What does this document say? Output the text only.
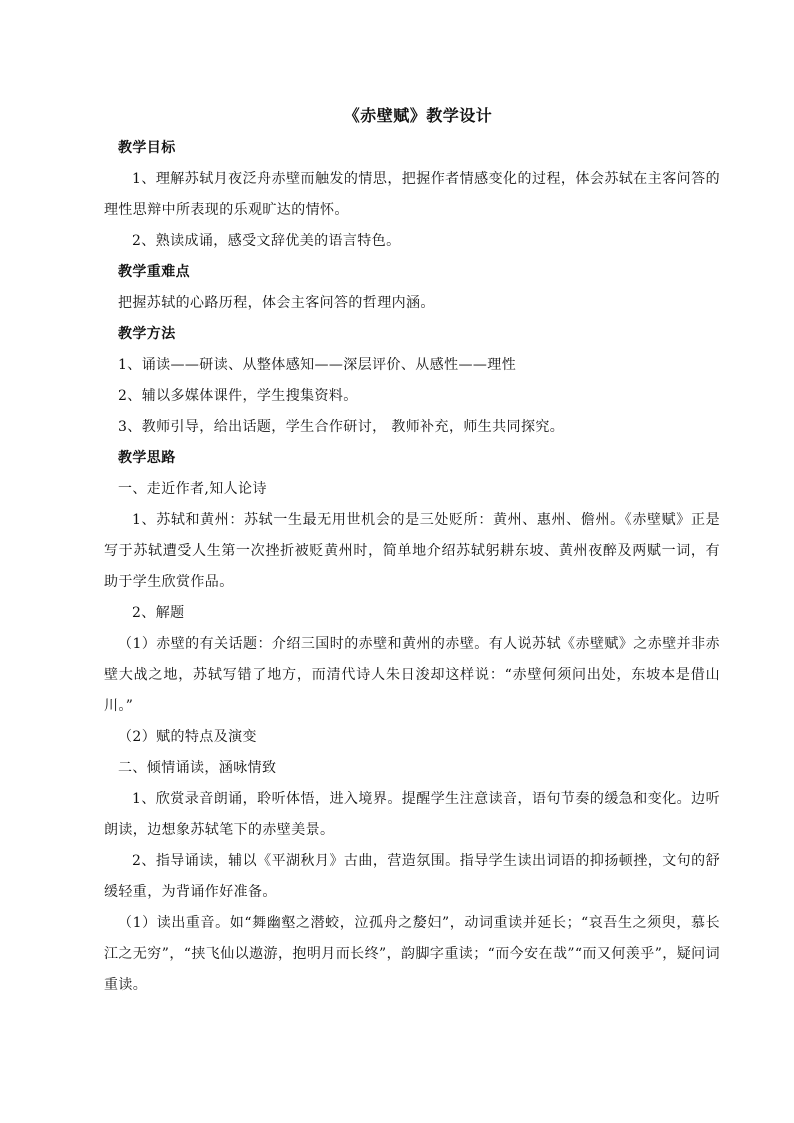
《赤壁赋》教学设计

教学目标

1、理解苏轼月夜泛舟赤壁而触发的情思，把握作者情感变化的过程，体会苏轼在主客问答的理性思辩中所表现的乐观旷达的情怀。

2、熟读成诵，感受文辞优美的语言特色。

教学重难点

把握苏轼的心路历程，体会主客问答的哲理内涵。

教学方法

1、诵读——研读、从整体感知——深层评价、从感性——理性

2、辅以多媒体课件，学生搜集资料。

3、教师引导，给出话题，学生合作研讨， 教师补充，师生共同探究。

教学思路

一、走近作者,知人论诗

1、苏轼和黄州：苏轼一生最无用世机会的是三处贬所：黄州、惠州、儋州。《赤壁赋》正是写于苏轼遭受人生第一次挫折被贬黄州时，简单地介绍苏轼躬耕东坡、黄州夜醉及两赋一词，有助于学生欣赏作品。

2、解题

（1）赤壁的有关话题：介绍三国时的赤壁和黄州的赤壁。有人说苏轼《赤壁赋》之赤壁并非赤壁大战之地，苏轼写错了地方，而清代诗人朱日浚却这样说：“赤壁何须问出处，东坡本是借山川。”

（2）赋的特点及演变

二、倾情诵读，涵咏情致

1、欣赏录音朗诵，聆听体悟，进入境界。提醒学生注意读音，语句节奏的缓急和变化。边听朗读，边想象苏轼笔下的赤壁美景。

2、指导诵读，辅以《平湖秋月》古曲，营造氛围。指导学生读出词语的抑扬顿挫，文句的舒缓轻重，为背诵作好准备。

（1）读出重音。如“舞幽壑之潜蛟，泣孤舟之嫠妇”，动词重读并延长；“哀吾生之须臾，慕长江之无穷”，“挟飞仙以遨游，抱明月而长终”，韵脚字重读；“而今安在哉”“而又何羡乎”，疑问词重读。
